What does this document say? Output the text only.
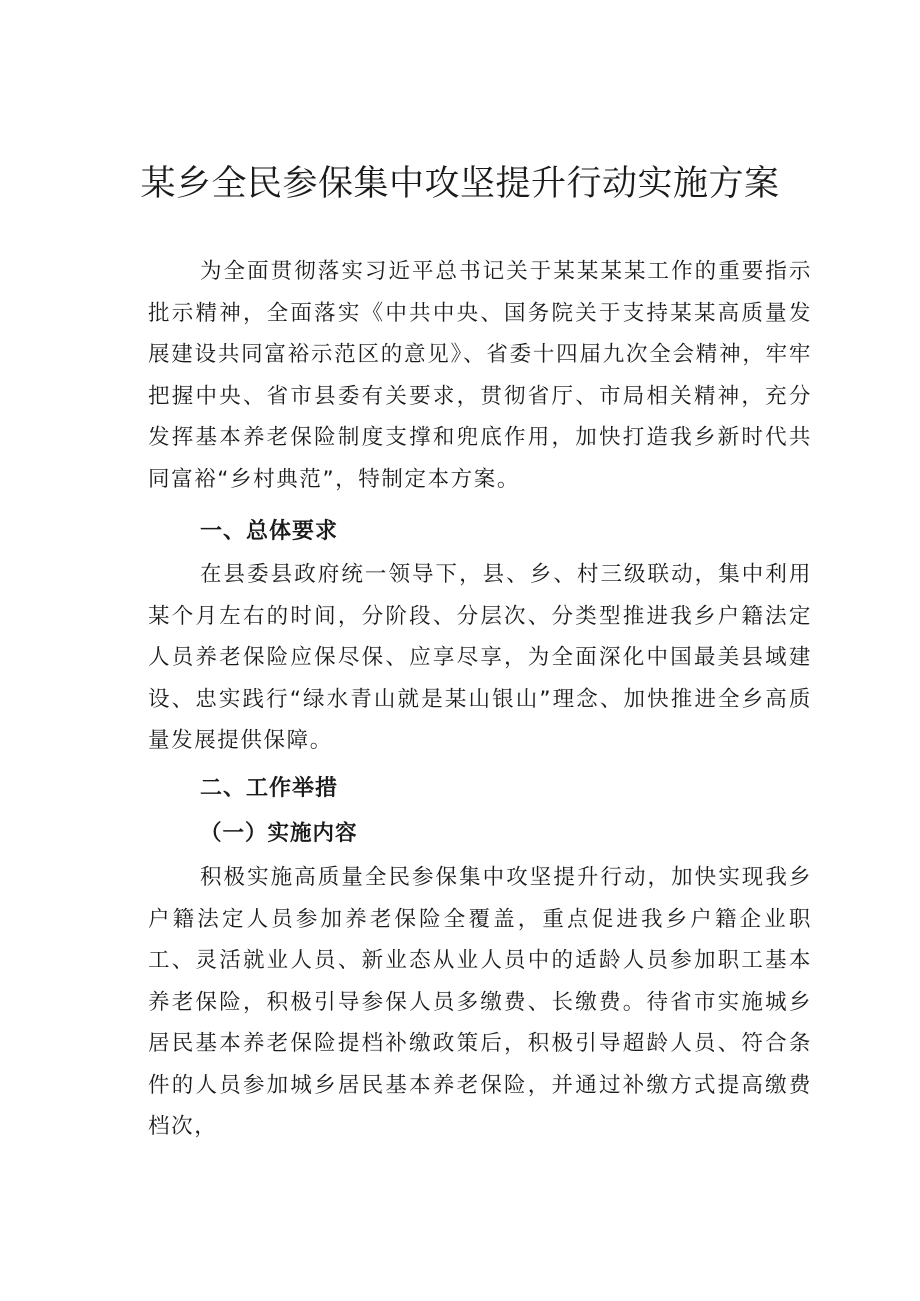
某乡全民参保集中攻坚提升行动实施方案

为全面贯彻落实习近平总书记关于某某某某工作的重要指示批示精神，全面落实《中共中央、国务院关于支持某某高质量发展建设共同富裕示范区的意见》、省委十四届九次全会精神，牢牢把握中央、省市县委有关要求，贯彻省厅、市局相关精神，充分发挥基本养老保险制度支撑和兜底作用，加快打造我乡新时代共同富裕“乡村典范”，特制定本方案。

一、总体要求

在县委县政府统一领导下，县、乡、村三级联动，集中利用某个月左右的时间，分阶段、分层次、分类型推进我乡户籍法定人员养老保险应保尽保、应享尽享，为全面深化中国最美县域建设、忠实践行“绿水青山就是某山银山”理念、加快推进全乡高质量发展提供保障。

二、工作举措
（一）实施内容

积极实施高质量全民参保集中攻坚提升行动，加快实现我乡户籍法定人员参加养老保险全覆盖，重点促进我乡户籍企业职工、灵活就业人员、新业态从业人员中的适龄人员参加职工基本养老保险，积极引导参保人员多缴费、长缴费。待省市实施城乡居民基本养老保险提档补缴政策后，积极引导超龄人员、符合条件的人员参加城乡居民基本养老保险，并通过补缴方式提高缴费档次，
